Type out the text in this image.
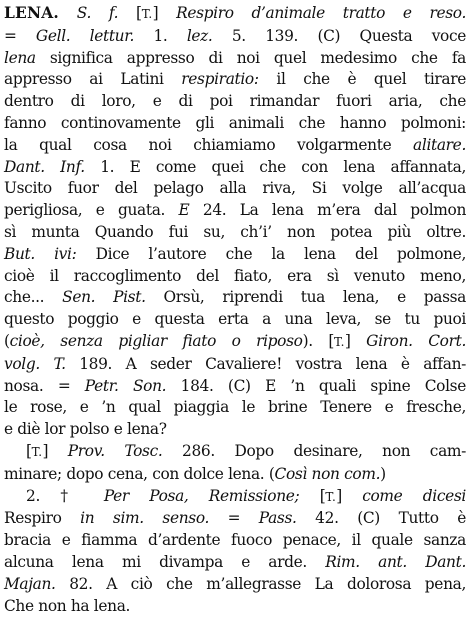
LENA. S. f. [T.] Respiro d’animale tratto e reso.
= Gell. lettur. 1. lez. 5. 139. (C) Questa voce
lena significa appresso di noi quel medesimo che fa
appresso ai Latini respiratio: il che è quel tirare
dentro di loro, e di poi rimandar fuori aria, che
fanno continovamente gli animali che hanno polmoni:
la qual cosa noi chiamiamo volgarmente alitare.
Dant. Inf. 1. E come quei che con lena affannata,
Uscito fuor del pelago alla riva, Si volge all’acqua
perigliosa, e guata. E 24. La lena m’era dal polmon
sì munta Quando fui su, ch’i’ non potea più oltre.
But. ivi: Dice l’autore che la lena del polmone,
cioè il raccoglimento del fiato, era sì venuto meno,
che... Sen. Pist. Orsù, riprendi tua lena, e passa
questo poggio e questa erta a una leva, se tu puoi
(cioè, senza pigliar fiato o riposo). [T.] Giron. Cort.
volg. T. 189. A seder Cavaliere! vostra lena è affan-
nosa. = Petr. Son. 184. (C) E ’n quali spine Colse
le rose, e ’n qual piaggia le brine Tenere e fresche,
e diè lor polso e lena?
[T.] Prov. Tosc. 286. Dopo desinare, non cam-
minare; dopo cena, con dolce lena. (Così non com.)
2. † Per Posa, Remissione; [T.] come dicesi
Respiro in sim. senso. = Pass. 42. (C) Tutto è
bracia e fiamma d’ardente fuoco penace, il quale sanza
alcuna lena mi divampa e arde. Rim. ant. Dant.
Majan. 82. A ciò che m’allegrasse La dolorosa pena,
Che non ha lena.
